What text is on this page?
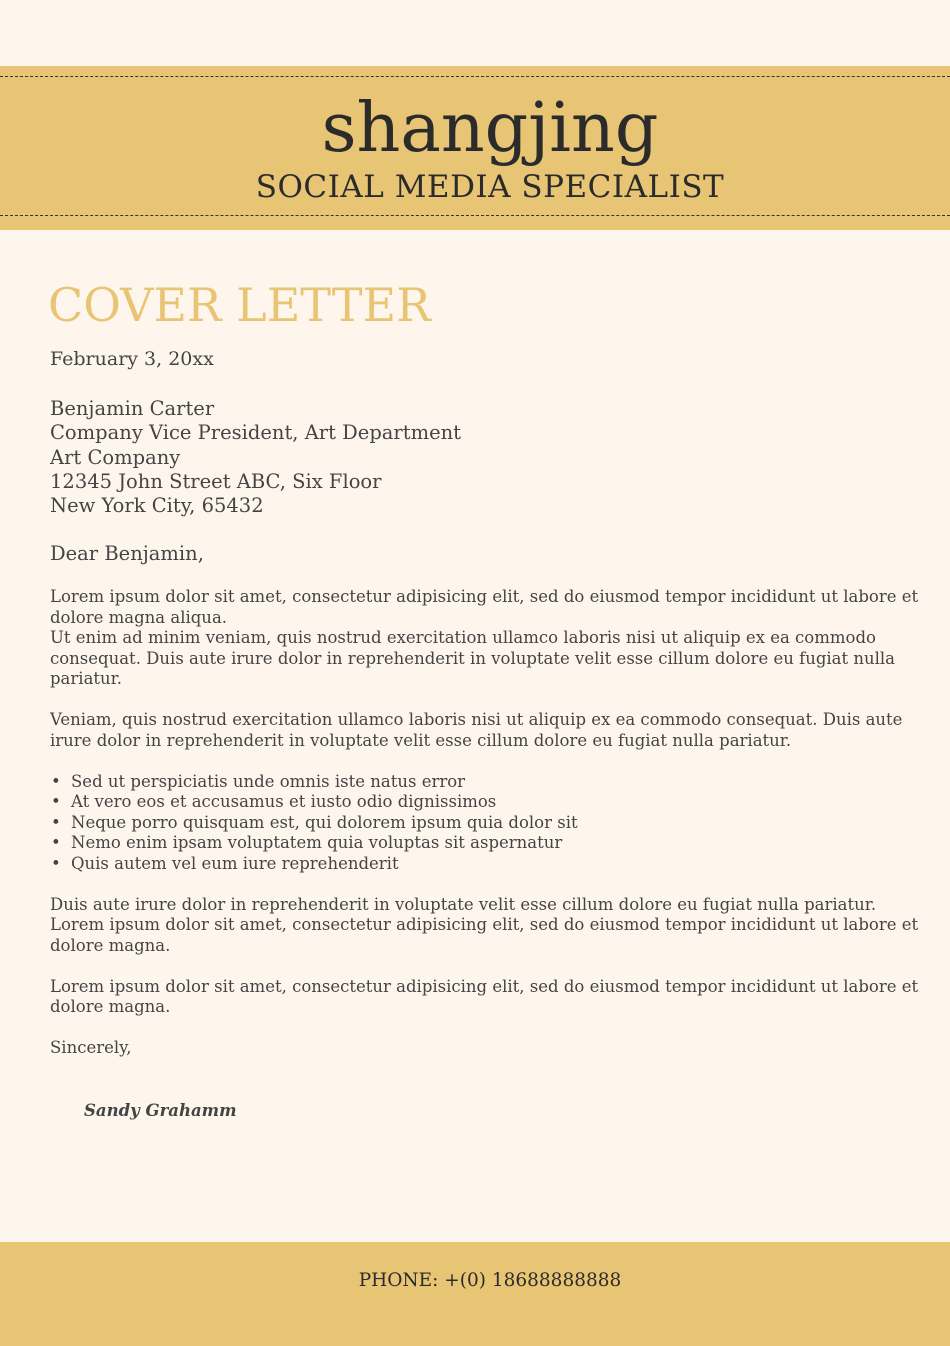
shangjing
SOCIAL MEDIA SPECIALIST
COVER LETTER
February 3, 20xx
Benjamin Carter
Company Vice President, Art Department
Art Company
12345 John Street ABC, Six Floor
New York City, 65432
Dear Benjamin,

Lorem ipsum dolor sit amet, consectetur adipisicing elit, sed do eiusmod tempor incididunt ut labore et dolore magna aliqua.
Ut enim ad minim veniam, quis nostrud exercitation ullamco laboris nisi ut aliquip ex ea commodo consequat. Duis aute irure dolor in reprehenderit in voluptate velit esse cillum dolore eu fugiat nulla pariatur.

Veniam, quis nostrud exercitation ullamco laboris nisi ut aliquip ex ea commodo consequat. Duis aute irure dolor in reprehenderit in voluptate velit esse cillum dolore eu fugiat nulla pariatur.

• Sed ut perspiciatis unde omnis iste natus error
• At vero eos et accusamus et iusto odio dignissimos
• Neque porro quisquam est, qui dolorem ipsum quia dolor sit
• Nemo enim ipsam voluptatem quia voluptas sit aspernatur
• Quis autem vel eum iure reprehenderit

Duis aute irure dolor in reprehenderit in voluptate velit esse cillum dolore eu fugiat nulla pariatur.
Lorem ipsum dolor sit amet, consectetur adipisicing elit, sed do eiusmod tempor incididunt ut labore et dolore magna.

Lorem ipsum dolor sit amet, consectetur adipisicing elit, sed do eiusmod tempor incididunt ut labore et dolore magna.

Sincerely,

Sandy Grahamm
PHONE: +(0) 18688888888
